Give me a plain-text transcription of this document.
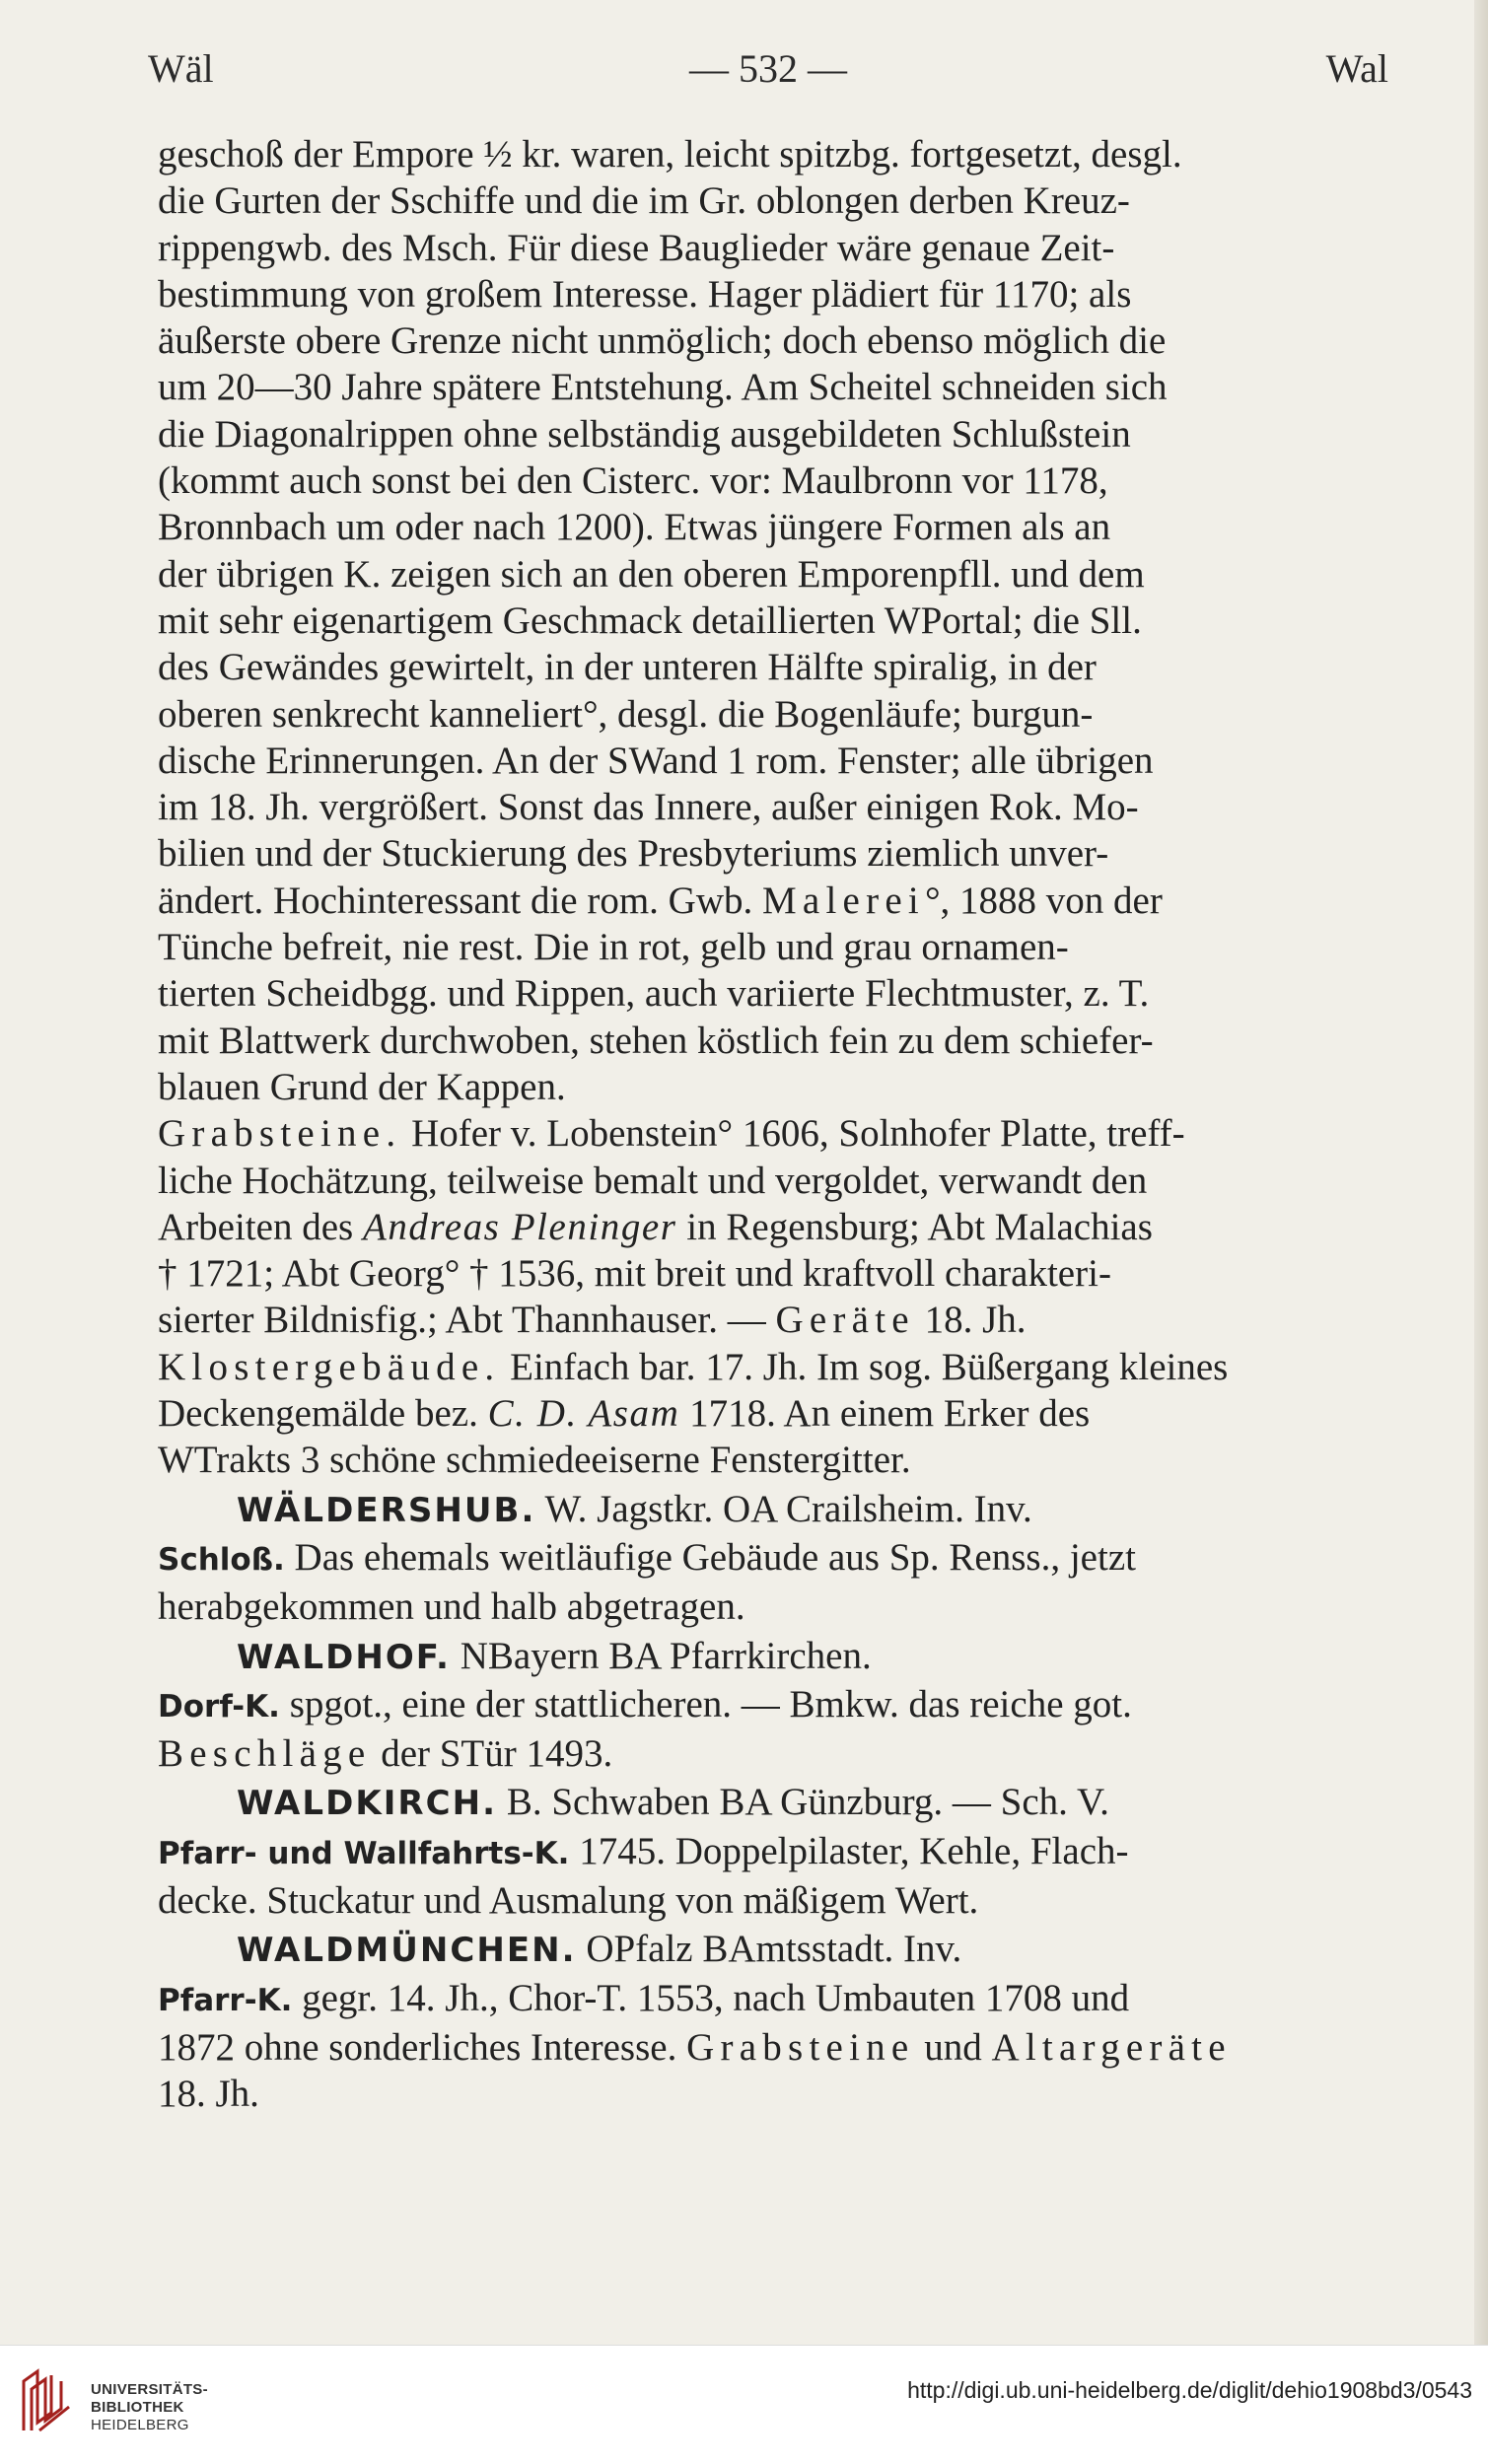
Wäl	— 532 —	Wal

geschoß der Empore ½ kr. waren, leicht spitzbg. fortgesetzt, desgl.

die Gurten der Sschiffe und die im Gr. oblongen derben Kreuz-

rippengwb. des Msch. Für diese Bauglieder wäre genaue Zeit-

bestimmung von großem Interesse. Hager plädiert für 1170; als

äußerste obere Grenze nicht unmöglich; doch ebenso möglich die

um 20—30 Jahre spätere Entstehung. Am Scheitel schneiden sich

die Diagonalrippen ohne selbständig ausgebildeten Schlußstein

(kommt auch sonst bei den Cisterc. vor: Maulbronn vor 1178,

Bronnbach um oder nach 1200). Etwas jüngere Formen als an

der übrigen K. zeigen sich an den oberen Emporenpfll. und dem

mit sehr eigenartigem Geschmack detaillierten WPortal; die Sll.

des Gewändes gewirtelt, in der unteren Hälfte spiralig, in der

oberen senkrecht kanneliert°, desgl. die Bogenläufe; burgun-

dische Erinnerungen. An der SWand 1 rom. Fenster; alle übrigen

im 18. Jh. vergrößert. Sonst das Innere, außer einigen Rok. Mo-

bilien und der Stuckierung des Presbyteriums ziemlich unver-

ändert. Hochinteressant die rom. Gwb. Malerei°, 1888 von der

Tünche befreit, nie rest. Die in rot, gelb und grau ornamen-

tierten Scheidbgg. und Rippen, auch variierte Flechtmuster, z. T.

mit Blattwerk durchwoben, stehen köstlich fein zu dem schiefer-

blauen Grund der Kappen.

Grabsteine. Hofer v. Lobenstein° 1606, Solnhofer Platte, treff-

liche Hochätzung, teilweise bemalt und vergoldet, verwandt den

Arbeiten des Andreas Pleninger in Regensburg; Abt Malachias

† 1721; Abt Georg° † 1536, mit breit und kraftvoll charakteri-

sierter Bildnisfig.; Abt Thannhauser. — Geräte 18. Jh.

Klostergebäude. Einfach bar. 17. Jh. Im sog. Büßergang kleines

Deckengemälde bez. C. D. Asam 1718. An einem Erker des

WTrakts 3 schöne schmiedeeiserne Fenstergitter.

WÄLDERSHUB. W. Jagstkr. OA Crailsheim. Inv.

Schloß. Das ehemals weitläufige Gebäude aus Sp. Renss., jetzt

herabgekommen und halb abgetragen.

WALDHOF. NBayern BA Pfarrkirchen.

Dorf-K. spgot., eine der stattlicheren. — Bmkw. das reiche got.

Beschläge der STür 1493.

WALDKIRCH. B. Schwaben BA Günzburg. — Sch. V.

Pfarr- und Wallfahrts-K. 1745. Doppelpilaster, Kehle, Flach-

decke. Stuckatur und Ausmalung von mäßigem Wert.

WALDMÜNCHEN. OPfalz BAmtsstadt. Inv.

Pfarr-K. gegr. 14. Jh., Chor-T. 1553, nach Umbauten 1708 und

1872 ohne sonderliches Interesse. Grabsteine und Altargeräte

18. Jh.

UNIVERSITÄTS-
BIBLIOTHEK
HEIDELBERG
http://digi.ub.uni-heidelberg.de/diglit/dehio1908bd3/0543
